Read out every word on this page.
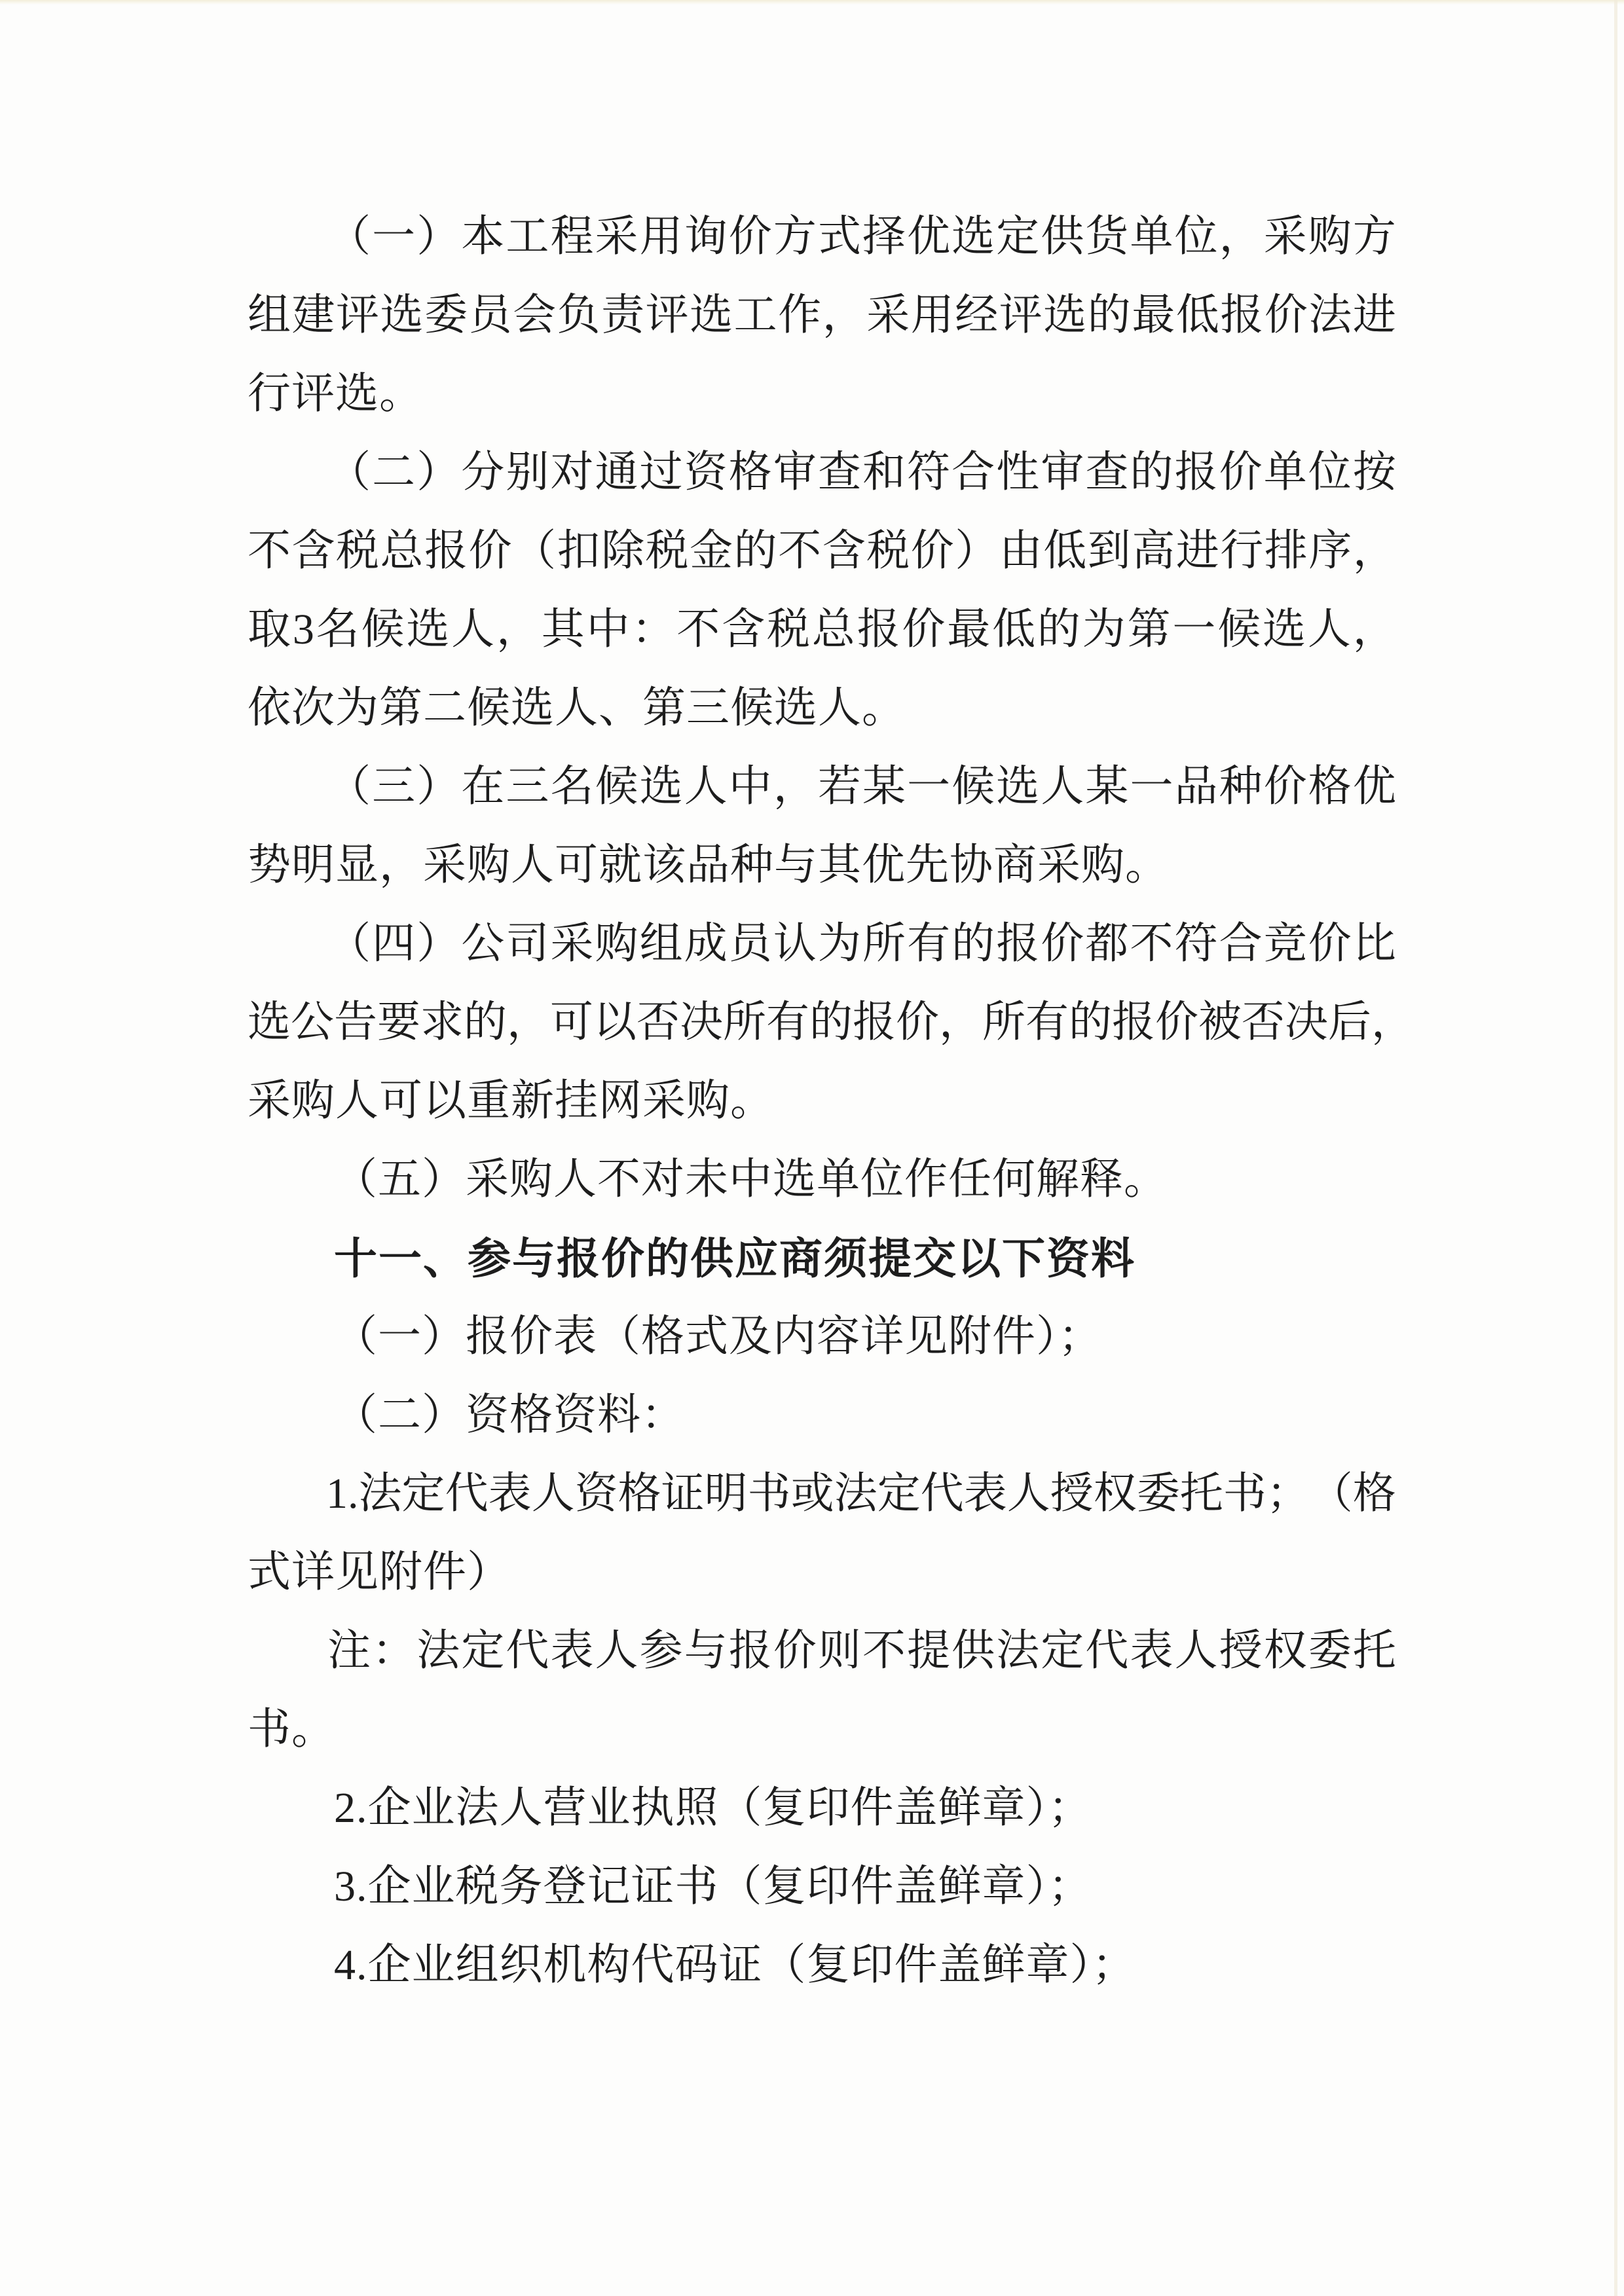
（ 一 ） 本 工 程 采 用 询 价 方 式 择 优 选 定 供 货 单 位 ， 采 购 方
组 建 评 选 委 员 会 负 责 评 选 工 作 ， 采 用 经 评 选 的 最 低 报 价 法 进
行评选。
（ 二 ） 分 别 对 通 过 资 格 审 查 和 符 合 性 审 查 的 报 价 单 位 按
不 含 税 总 报 价 （ 扣 除 税 金 的 不 含 税 价 ） 由 低 到 高 进 行 排 序 ，
取 3 名 候 选 人 ， 其 中 ： 不 含 税 总 报 价 最 低 的 为 第 一 候 选 人 ，
依次为第二候选人、第三候选人。
（ 三 ） 在 三 名 候 选 人 中 ， 若 某 一 候 选 人 某 一 品 种 价 格 优
势明显，采购人可就该品种与其优先协商采购。
（ 四 ） 公 司 采 购 组 成 员 认 为 所 有 的 报 价 都 不 符 合 竞 价 比
选 公 告 要 求 的 ， 可 以 否 决 所 有 的 报 价 ， 所 有 的 报 价 被 否 决 后 ，
采购人可以重新挂网采购。
（五）采购人不对未中选单位作任何解释。
十一、参与报价的供应商须提交以下资料
（一）报价表（格式及内容详见附件）；
（二）资格资料：
1. 法 定 代 表 人 资 格 证 明 书 或 法 定 代 表 人 授 权 委 托 书 ； （ 格
式详见附件）
注 ： 法 定 代 表 人 参 与 报 价 则 不 提 供 法 定 代 表 人 授 权 委 托
书。
2.企业法人营业执照（复印件盖鲜章）；
3.企业税务登记证书（复印件盖鲜章）；
4.企业组织机构代码证（复印件盖鲜章）；
